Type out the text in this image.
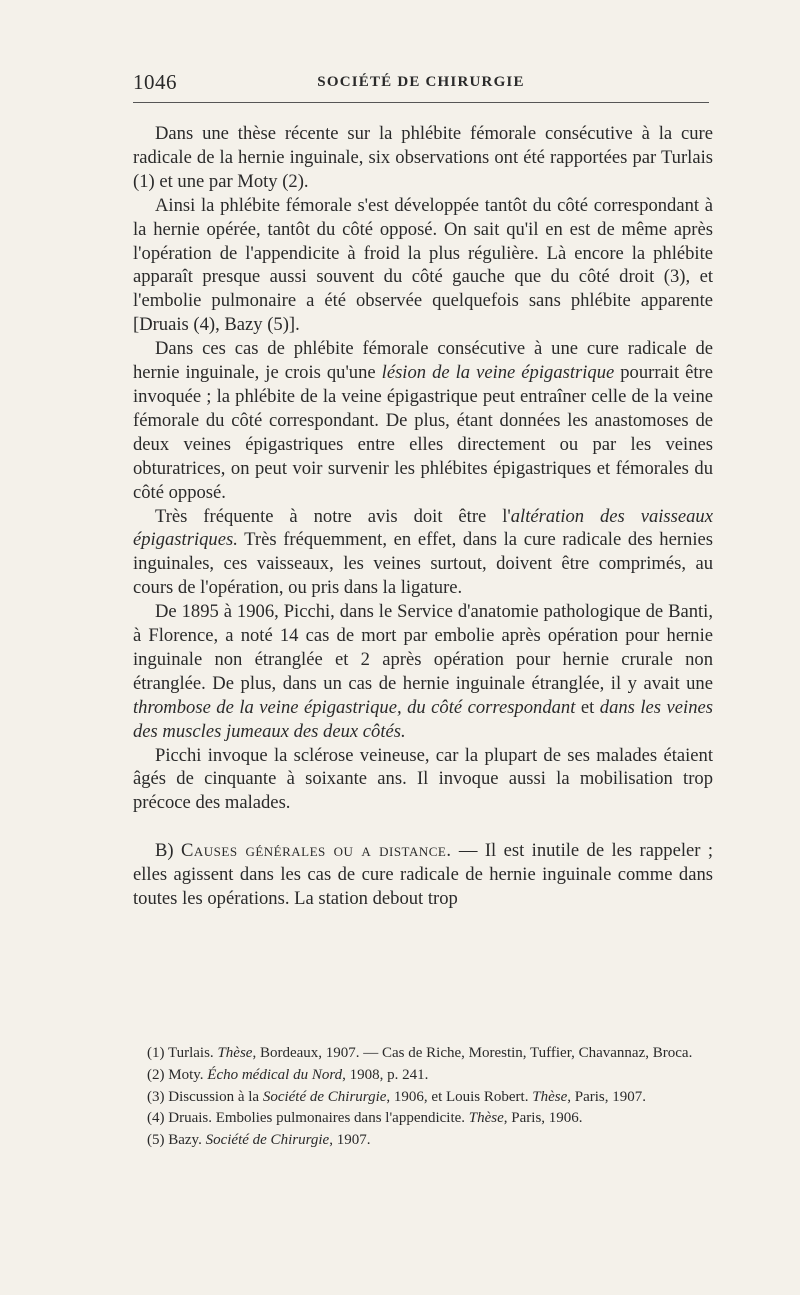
1046	SOCIÉTÉ DE CHIRURGIE

Dans une thèse récente sur la phlébite fémorale consécutive à la cure radicale de la hernie inguinale, six observations ont été rapportées par Turlais (1) et une par Moty (2).

Ainsi la phlébite fémorale s'est développée tantôt du côté correspondant à la hernie opérée, tantôt du côté opposé. On sait qu'il en est de même après l'opération de l'appendicite à froid la plus régulière. Là encore la phlébite apparaît presque aussi souvent du côté gauche que du côté droit (3), et l'embolie pulmonaire a été observée quelquefois sans phlébite apparente [Druais (4), Bazy (5)].

Dans ces cas de phlébite fémorale consécutive à une cure radicale de hernie inguinale, je crois qu'une lésion de la veine épigastrique pourrait être invoquée ; la phlébite de la veine épigastrique peut entraîner celle de la veine fémorale du côté correspondant. De plus, étant données les anastomoses de deux veines épigastriques entre elles directement ou par les veines obturatrices, on peut voir survenir les phlébites épigastriques et fémorales du côté opposé.

Très fréquente à notre avis doit être l'altération des vaisseaux épigastriques. Très fréquemment, en effet, dans la cure radicale des hernies inguinales, ces vaisseaux, les veines surtout, doivent être comprimés, au cours de l'opération, ou pris dans la ligature.

De 1895 à 1906, Picchi, dans le Service d'anatomie pathologique de Banti, à Florence, a noté 14 cas de mort par embolie après opération pour hernie inguinale non étranglée et 2 après opération pour hernie crurale non étranglée. De plus, dans un cas de hernie inguinale étranglée, il y avait une thrombose de la veine épigastrique, du côté correspondant et dans les veines des muscles jumeaux des deux côtés.

Picchi invoque la sclérose veineuse, car la plupart de ses malades étaient âgés de cinquante à soixante ans. Il invoque aussi la mobilisation trop précoce des malades.

B) Causes générales ou a distance. — Il est inutile de les rappeler ; elles agissent dans les cas de cure radicale de hernie inguinale comme dans toutes les opérations. La station debout trop

(1) Turlais. Thèse, Bordeaux, 1907. — Cas de Riche, Morestin, Tuffier, Chavannaz, Broca.

(2) Moty. Écho médical du Nord, 1908, p. 241.

(3) Discussion à la Société de Chirurgie, 1906, et Louis Robert. Thèse, Paris, 1907.

(4) Druais. Embolies pulmonaires dans l'appendicite. Thèse, Paris, 1906.

(5) Bazy. Société de Chirurgie, 1907.
